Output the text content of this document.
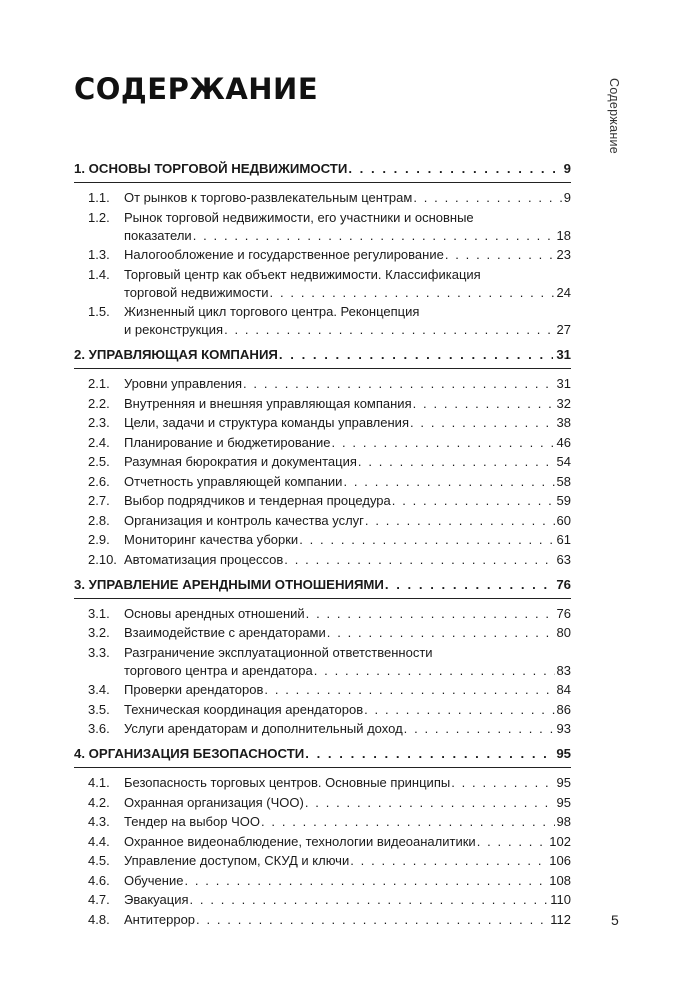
СОДЕРЖАНИЕ	Содержание
1. ОСНОВЫ ТОРГОВОЙ НЕДВИЖИМОСТИ . . .	9
1.1.	От рынков к торгово-развлекательным центрам . . .	9
1.2.	Рынок торговой недвижимости, его участники и основные
показатели . . .	18
1.3.	Налогообложение и государственное регулирование . . .	23
1.4.	Торговый центр как объект недвижимости. Классификация
торговой недвижимости . . .	24
1.5.	Жизненный цикл торгового центра. Реконцепция
и реконструкция . . .	27
2. УПРАВЛЯЮЩАЯ КОМПАНИЯ . . .	31
2.1.	Уровни управления . . .	31
2.2.	Внутренняя и внешняя управляющая компания . . .	32
2.3.	Цели, задачи и структура команды управления . . .	38
2.4.	Планирование и бюджетирование . . .	46
2.5.	Разумная бюрократия и документация . . .	54
2.6.	Отчетность управляющей компании . . .	58
2.7.	Выбор подрядчиков и тендерная процедура . . .	59
2.8.	Организация и контроль качества услуг . . .	60
2.9.	Мониторинг качества уборки . . .	61
2.10. Автоматизация процессов . . .	63
3. УПРАВЛЕНИЕ АРЕНДНЫМИ ОТНОШЕНИЯМИ . . .	76
3.1.	Основы арендных отношений . . .	76
3.2.	Взаимодействие с арендаторами . . .	80
3.3.	Разграничение эксплуатационной ответственности
торгового центра и арендатора . . .	83
3.4.	Проверки арендаторов . . .	84
3.5.	Техническая координация арендаторов . . .	86
3.6.	Услуги арендаторам и дополнительный доход . . .	93
4. ОРГАНИЗАЦИЯ БЕЗОПАСНОСТИ . . .	95
4.1.	Безопасность торговых центров. Основные принципы . . .	95
4.2.	Охранная организация (ЧОО) . . .	95
4.3.	Тендер на выбор ЧОО . . .	98
4.4.	Охранное видеонаблюдение, технологии видеоаналитики . . .	102
4.5.	Управление доступом, СКУД и ключи . . .	106
4.6.	Обучение . . .	108
4.7.	Эвакуация . . .	110
4.8.	Антитеррор . . .	112	5
